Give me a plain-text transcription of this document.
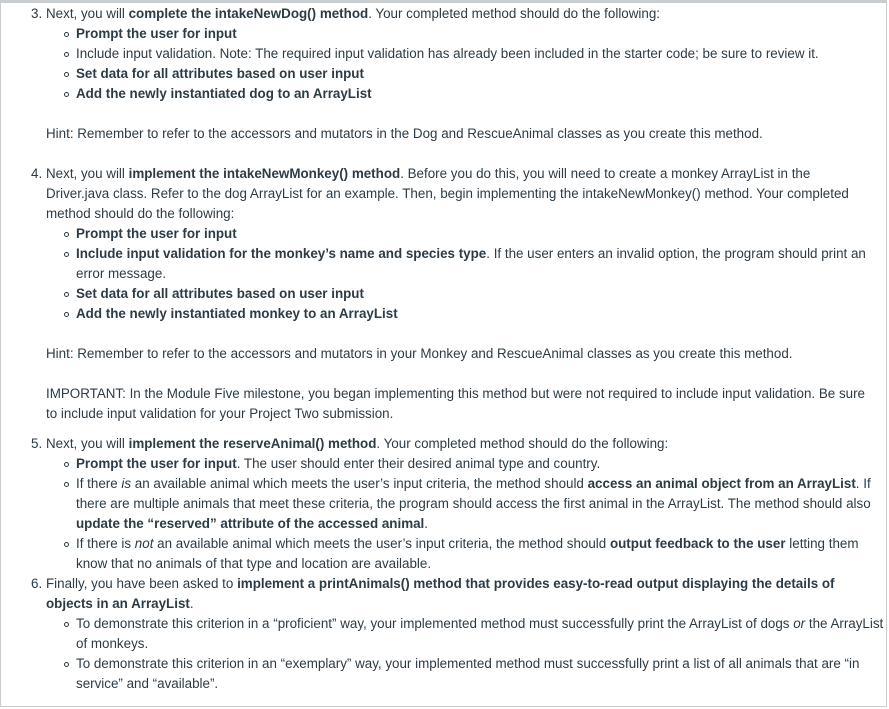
3. Next, you will complete the intakeNewDog() method. Your completed method should do the following:
Prompt the user for input
Include input validation. Note: The required input validation has already been included in the starter code; be sure to review it.
Set data for all attributes based on user input
Add the newly instantiated dog to an ArrayList
Hint: Remember to refer to the accessors and mutators in the Dog and RescueAnimal classes as you create this method.
4. Next, you will implement the intakeNewMonkey() method. Before you do this, you will need to create a monkey ArrayList in the Driver.java class. Refer to the dog ArrayList for an example. Then, begin implementing the intakeNewMonkey() method. Your completed method should do the following:
Prompt the user for input
Include input validation for the monkey’s name and species type. If the user enters an invalid option, the program should print an error message.
Set data for all attributes based on user input
Add the newly instantiated monkey to an ArrayList
Hint: Remember to refer to the accessors and mutators in your Monkey and RescueAnimal classes as you create this method.
IMPORTANT: In the Module Five milestone, you began implementing this method but were not required to include input validation. Be sure to include input validation for your Project Two submission.
5. Next, you will implement the reserveAnimal() method. Your completed method should do the following:
Prompt the user for input. The user should enter their desired animal type and country.
If there is an available animal which meets the user’s input criteria, the method should access an animal object from an ArrayList. If there are multiple animals that meet these criteria, the program should access the first animal in the ArrayList. The method should also update the “reserved” attribute of the accessed animal.
If there is not an available animal which meets the user’s input criteria, the method should output feedback to the user letting them know that no animals of that type and location are available.
6. Finally, you have been asked to implement a printAnimals() method that provides easy-to-read output displaying the details of objects in an ArrayList.
To demonstrate this criterion in a “proficient” way, your implemented method must successfully print the ArrayList of dogs or the ArrayList of monkeys.
To demonstrate this criterion in an “exemplary” way, your implemented method must successfully print a list of all animals that are “in service” and “available”.
